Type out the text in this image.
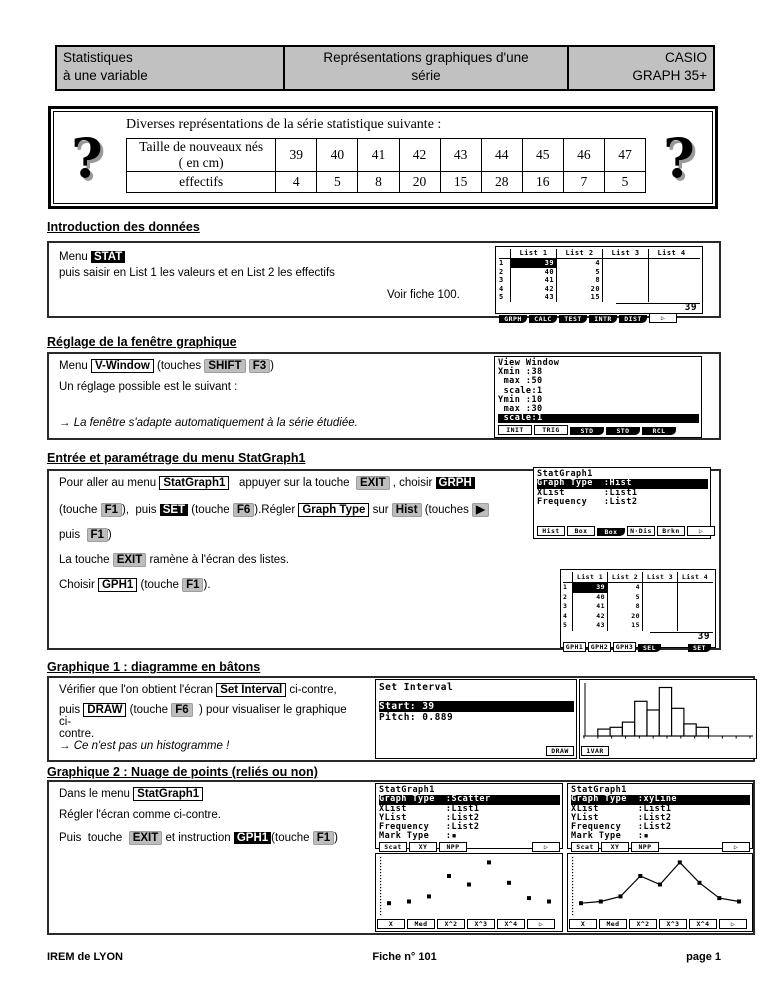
Statistiques
à une variable
Représentations graphiques d'une
série
CASIO
GRAPH 35+
?
Diverses représentations de la série statistique suivante :
Taille de nouveaux nés
( en cm)	39	40	41	42	43	44	45	46	47
effectifs	4	5	8	20	15	28	16	7	5 ?
Introduction des données
Menu STAT
puis saisir en List 1 les valeurs et en List 2 les effectifs
Voir fiche 100.
List 1	List 2	List 3	List 4
1	39	4
2	40	5
3	41	8
4	42	20
5	43	15
39
GRPH	CALC	TEST	INTR	DIST	▷
Réglage de la fenêtre graphique
Menu V-Window (touches SHIFT F3 )
Un réglage possible est le suivant :
→ La fenêtre s'adapte automatiquement à la série étudiée.
View Window
Xmin :38
max :50
scale:1
Ymin :10
max :30
scale:1
INIT	TRIG	STD	STO	RCL
Entrée et paramétrage du menu StatGraph1
Pour aller au menu StatGraph1   appuyer sur la touche  EXIT , choisir GRPH
(touche F1 ),  puis SET (touche F6 ).Régler Graph Type sur Hist (touches ▶
puis  F1 )
La touche EXIT ramène à l'écran des listes.
Choisir GPH1 (touche F1 ).
StatGraph1
Graph Type  :Hist
XList       :List1
Frequency   :List2
Hist	Box	Box	N·Dis	Brkn	▷
List 1	List 2	List 3	List 4
1	39	4
2	40	5
3	41	8
4	42	20
5	43	15
39
GPH1	GPH2	GPH3	SEL	SET
Graphique 1 : diagramme en bâtons
Vérifier que l'on obtient l'écran Set Interval ci-contre,
puis DRAW (touche F6  ) pour visualiser le graphique ci-
contre.
→ Ce n'est pas un histogramme !
Set Interval
Start: 39
Pitch: 0.889
DRAW	1VAR
Graphique 2 : Nuage de points (reliés ou non)
Dans le menu StatGraph1
Régler l'écran comme ci-contre.
Puis  touche  EXIT et instruction GPH1 (touche F1 )
StatGraph1
Graph Type  :Scatter
XList       :List1
YList       :List2
Frequency   :List2
Mark Type   :▪
Scat	XY	NPP	▷
StatGraph1
Graph Type  :xyLine
XList       :List1
YList       :List2
Frequency   :List2
Mark Type   :▪
Scat	XY	NPP	▷
X	Med	X^2	X^3	X^4	▷	X	Med	X^2	X^3	X^4	▷
IREM de LYON	Fiche n° 101	page 1
